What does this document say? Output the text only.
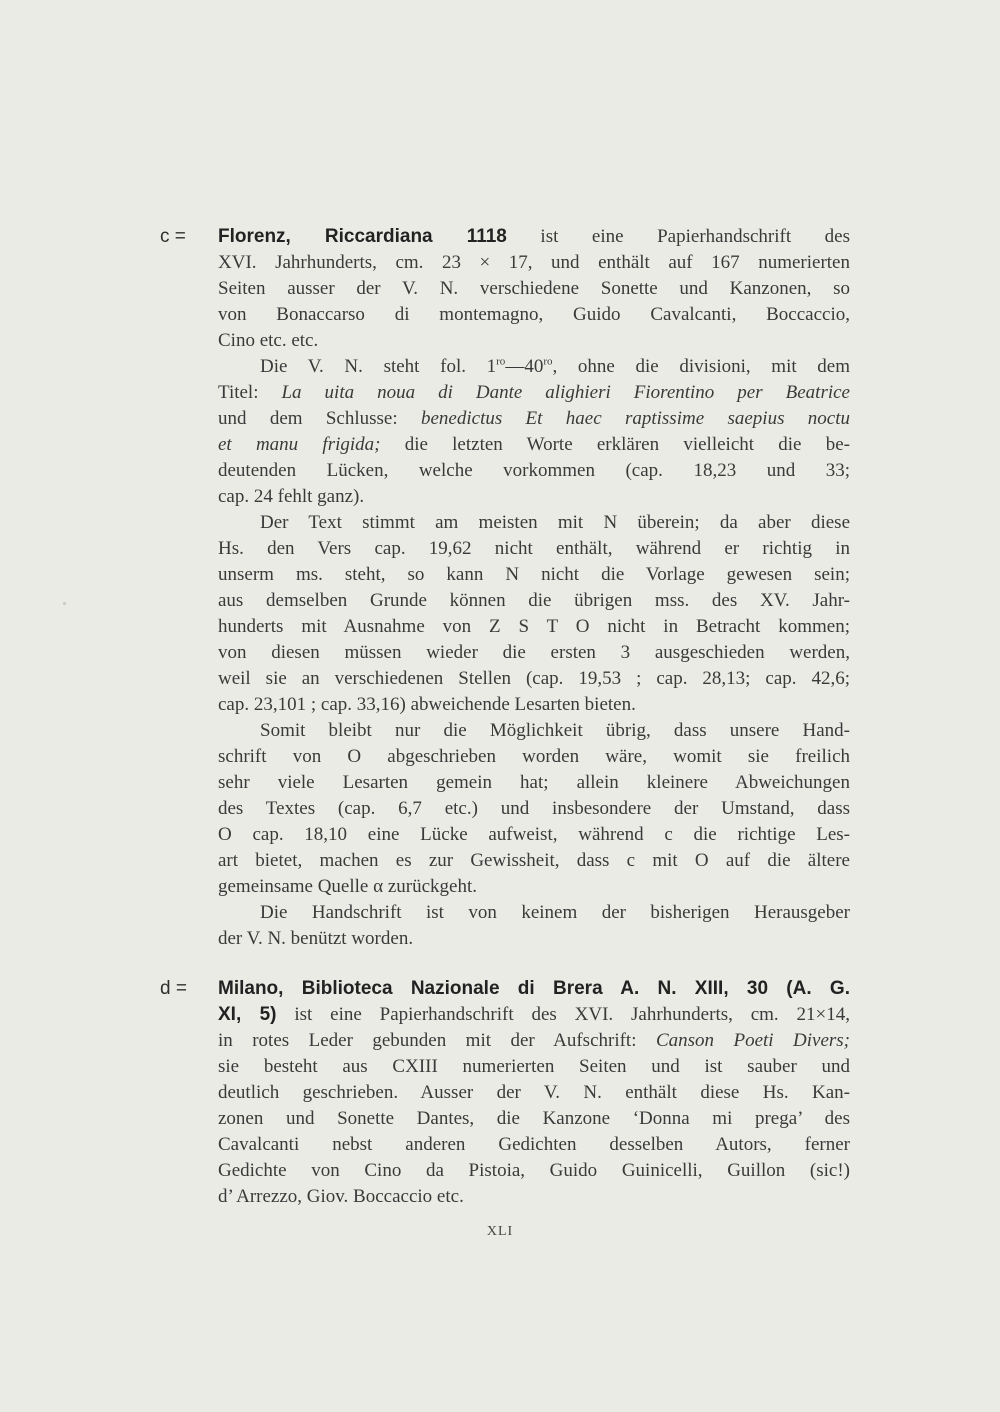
c =	Florenz, Riccardiana 1118 ist eine Papierhandschrift des
XVI. Jahrhunderts, cm. 23 × 17, und enthält auf 167 numerierten
Seiten ausser der V. N. verschiedene Sonette und Kanzonen, so
von Bonaccarso di montemagno, Guido Cavalcanti, Boccaccio,
Cino etc. etc.
Die V. N. steht fol. $1^{ro}—40^{ro}$, ohne die divisioni, mit dem
Titel: La uita noua di Dante alighieri Fiorentino per Beatrice
und dem Schlusse: benedictus Et haec raptissime saepius noctu
et manu frigida; die letzten Worte erklären vielleicht die be-
deutenden Lücken, welche vorkommen (cap. 18,23 und 33;
cap. 24 fehlt ganz).
Der Text stimmt am meisten mit N überein; da aber diese
Hs. den Vers cap. 19,62 nicht enthält, während er richtig in
unserm ms. steht, so kann N nicht die Vorlage gewesen sein;
aus demselben Grunde können die übrigen mss. des XV. Jahr-
hunderts mit Ausnahme von Z S T O nicht in Betracht kommen;
von diesen müssen wieder die ersten 3 ausgeschieden werden,
weil sie an verschiedenen Stellen (cap. 19,53 ; cap. 28,13; cap. 42,6;
cap. 23,101 ; cap. 33,16) abweichende Lesarten bieten.
Somit bleibt nur die Möglichkeit übrig, dass unsere Hand-
schrift von O abgeschrieben worden wäre, womit sie freilich
sehr viele Lesarten gemein hat; allein kleinere Abweichungen
des Textes (cap. 6,7 etc.) und insbesondere der Umstand, dass
O cap. 18,10 eine Lücke aufweist, während c die richtige Les-
art bietet, machen es zur Gewissheit, dass c mit O auf die ältere
gemeinsame Quelle α zurückgeht.
Die Handschrift ist von keinem der bisherigen Herausgeber
der V. N. benützt worden.
d =	Milano, Biblioteca Nazionale di Brera A. N. XIII, 30 (A. G.
XI, 5) ist eine Papierhandschrift des XVI. Jahrhunderts, cm. 21×14,
in rotes Leder gebunden mit der Aufschrift: Canson Poeti Divers;
sie besteht aus CXIII numerierten Seiten und ist sauber und
deutlich geschrieben. Ausser der V. N. enthält diese Hs. Kan-
zonen und Sonette Dantes, die Kanzone ‘Donna mi prega’ des
Cavalcanti nebst anderen Gedichten desselben Autors, ferner
Gedichte von Cino da Pistoia, Guido Guinicelli, Guillon (sic!)
d’ Arrezzo, Giov. Boccaccio etc.
XLI
